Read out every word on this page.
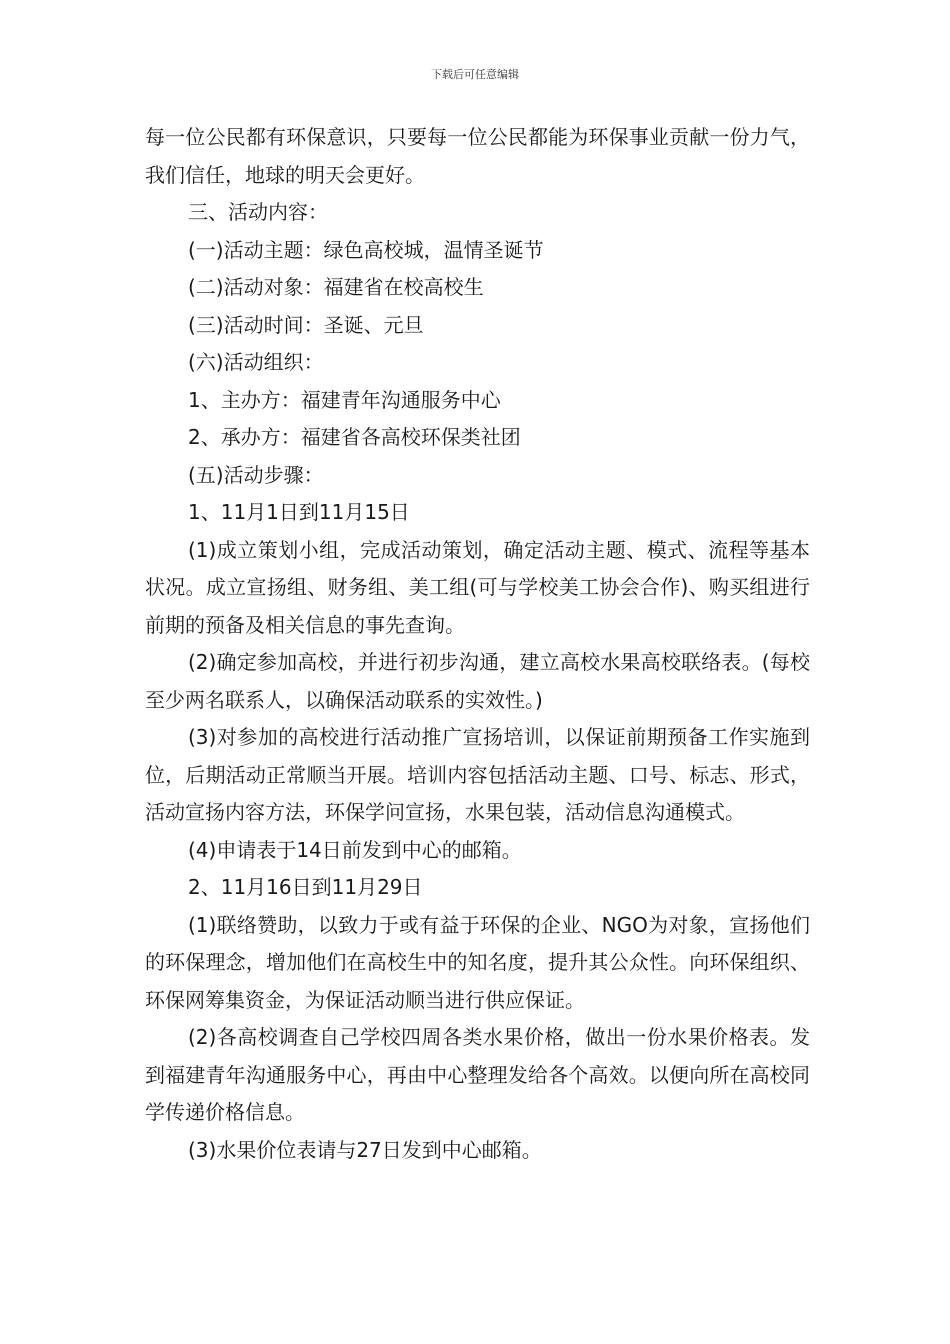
下载后可任意编辑

每一位公民都有环保意识，只要每一位公民都能为环保事业贡献一份力气，我们信任，地球的明天会更好。

三、活动内容：

(一)活动主题：绿色高校城，温情圣诞节

(二)活动对象：福建省在校高校生

(三)活动时间：圣诞、元旦

(六)活动组织：

1、主办方：福建青年沟通服务中心

2、承办方：福建省各高校环保类社团

(五)活动步骤：

1、11月1日到11月15日

(1)成立策划小组，完成活动策划，确定活动主题、模式、流程等基本状况。成立宣扬组、财务组、美工组(可与学校美工协会合作)、购买组进行前期的预备及相关信息的事先查询。

(2)确定参加高校，并进行初步沟通，建立高校水果高校联络表。(每校至少两名联系人，以确保活动联系的实效性。)

(3)对参加的高校进行活动推广宣扬培训，以保证前期预备工作实施到位，后期活动正常顺当开展。培训内容包括活动主题、口号、标志、形式，活动宣扬内容方法，环保学问宣扬，水果包装，活动信息沟通模式。

(4)申请表于14日前发到中心的邮箱。

2、11月16日到11月29日

(1)联络赞助，以致力于或有益于环保的企业、NGO为对象，宣扬他们的环保理念，增加他们在高校生中的知名度，提升其公众性。向环保组织、环保网筹集资金，为保证活动顺当进行供应保证。

(2)各高校调查自己学校四周各类水果价格，做出一份水果价格表。发到福建青年沟通服务中心，再由中心整理发给各个高效。以便向所在高校同学传递价格信息。

(3)水果价位表请与27日发到中心邮箱。
